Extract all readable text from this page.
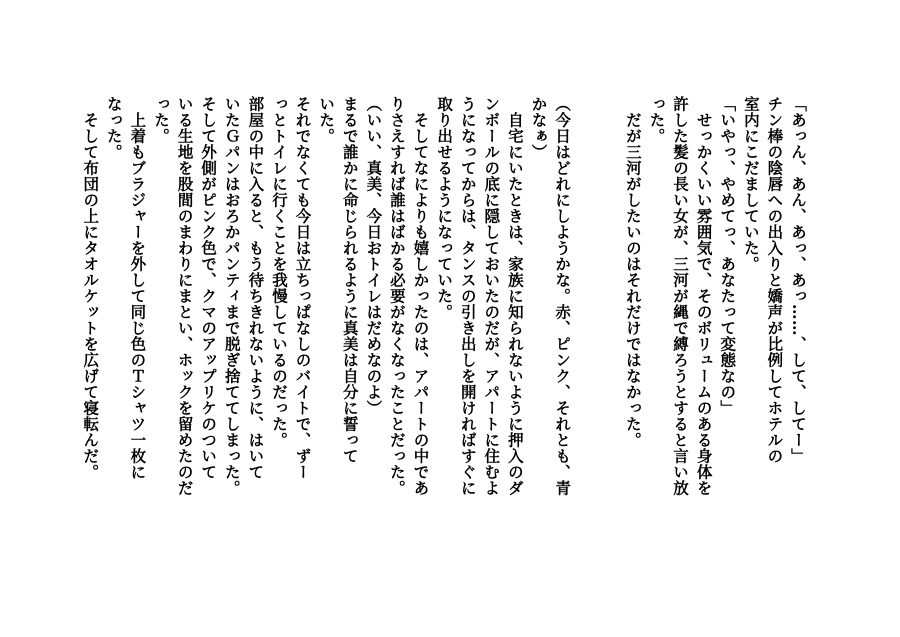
「あっん、あん、あっ、あっ……、して、してー」

チン棒の陰唇への出入りと嬌声が比例してホテルの

室内にこだましていた。

「いやっ、やめてっ、あなたって変態なの」

　せっかくいい雰囲気で、そのボリュームのある身体を

許した髪の長い女が、三河が縄で縛ろうとすると言い放

った。

　だが三河がしたいのはそれだけではなかった。

（今日はどれにしようかな。赤、ピンク、それとも、青

かなぁ）

　自宅にいたときは、家族に知られないように押入のダ

ンボールの底に隠しておいたのだが、アパートに住むよ

うになってからは、タンスの引き出しを開ければすぐに

取り出せるようになっていた。

　そしてなによりも嬉しかったのは、アパートの中であ

りさえすれば誰はばかる必要がなくなったことだった。

（いい、真美、今日おトイレはだめなのよ）

まるで誰かに命じられるように真美は自分に誓って

いた。

それでなくても今日は立ちっぱなしのバイトで、ずー

っとトイレに行くことを我慢しているのだった。

部屋の中に入ると、もう待ちきれないように、はいて

いたＧパンはおろかパンティまで脱ぎ捨ててしまった。

そして外側がピンク色で、クマのアップリケのついて

いる生地を股間のまわりにまとい、ホックを留めたのだ

った。

　上着もブラジャーを外して同じ色のＴシャツ一枚に

なった。

　そして布団の上にタオルケットを広げて寝転んだ。
